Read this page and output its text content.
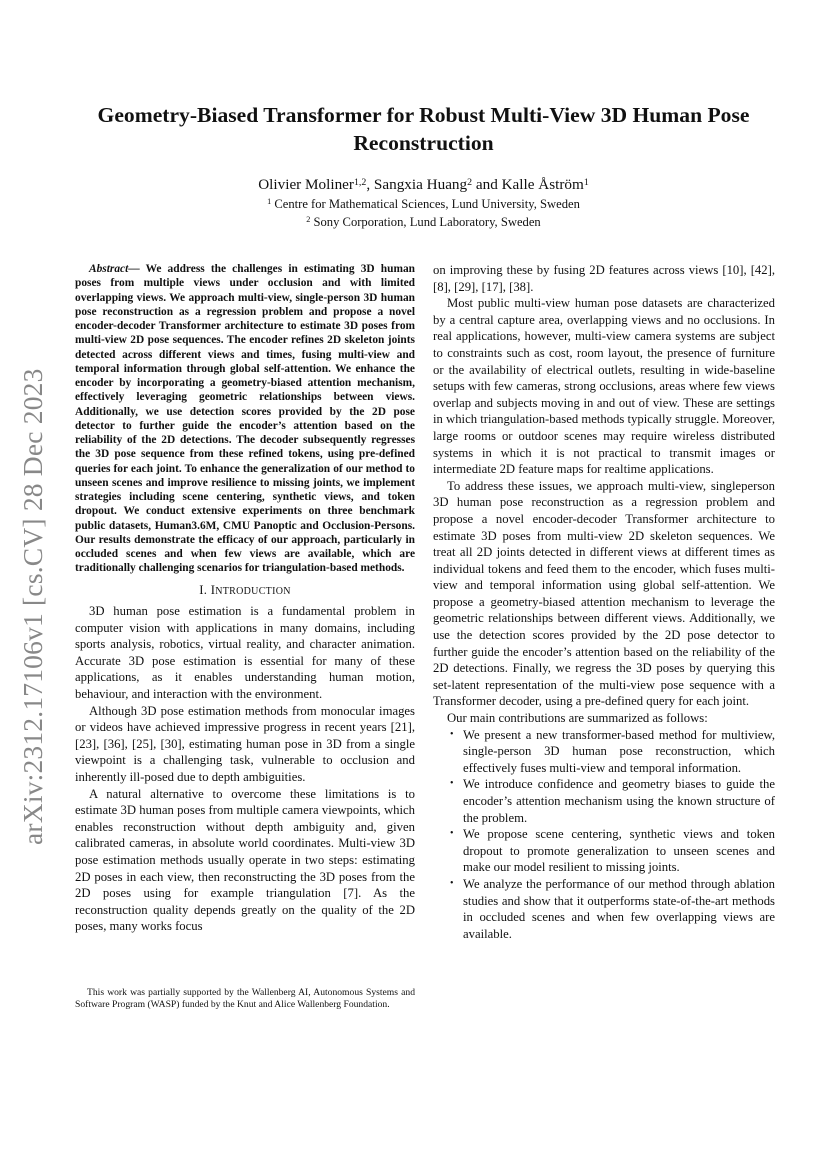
arXiv:2312.17106v1 [cs.CV] 28 Dec 2023
Geometry-Biased Transformer for Robust Multi-View 3D Human Pose Reconstruction
Olivier Moliner$^{1,2}$, Sangxia Huang$^2$ and Kalle Åström$^1$
$^1$ Centre for Mathematical Sciences, Lund University, Sweden
$^2$ Sony Corporation, Lund Laboratory, Sweden

Abstract— We address the challenges in estimating 3D human poses from multiple views under occlusion and with limited overlapping views. We approach multi-view, single-person 3D human pose reconstruction as a regression problem and propose a novel encoder-decoder Transformer architecture to estimate 3D poses from multi-view 2D pose sequences. The encoder refines 2D skeleton joints detected across different views and times, fusing multi-view and temporal information through global self-attention. We enhance the encoder by incorporating a geometry-biased attention mechanism, effectively leveraging geometric relationships between views. Additionally, we use detection scores provided by the 2D pose detector to further guide the encoder’s attention based on the reliability of the 2D detections. The decoder subsequently regresses the 3D pose sequence from these refined tokens, using pre-defined queries for each joint. To enhance the generalization of our method to unseen scenes and improve resilience to missing joints, we implement strategies including scene centering, synthetic views, and token dropout. We conduct extensive experiments on three benchmark public datasets, Human3.6M, CMU Panoptic and Occlusion-Persons. Our results demonstrate the efficacy of our approach, particularly in occluded scenes and when few views are available, which are traditionally challenging scenarios for triangulation-based methods.

I. INTRODUCTION

3D human pose estimation is a fundamental problem in computer vision with applications in many domains, including sports analysis, robotics, virtual reality, and character animation. Accurate 3D pose estimation is essential for many of these applications, as it enables understanding human motion, behaviour, and interaction with the environment.

Although 3D pose estimation methods from monocular images or videos have achieved impressive progress in recent years [21], [23], [36], [25], [30], estimating human pose in 3D from a single viewpoint is a challenging task, vulnerable to occlusion and inherently ill-posed due to depth ambiguities.

A natural alternative to overcome these limitations is to estimate 3D human poses from multiple camera viewpoints, which enables reconstruction without depth ambiguity and, given calibrated cameras, in absolute world coordinates. Multi-view 3D pose estimation methods usually operate in two steps: estimating 2D poses in each view, then reconstructing the 3D poses from the 2D poses using for example triangulation [7]. As the reconstruction quality depends greatly on the quality of the 2D poses, many works focus

This work was partially supported by the Wallenberg AI, Autonomous Systems and Software Program (WASP) funded by the Knut and Alice Wallenberg Foundation.

on improving these by fusing 2D features across views [10], [42], [8], [29], [17], [38].

Most public multi-view human pose datasets are characterized by a central capture area, overlapping views and no occlusions. In real applications, however, multi-view camera systems are subject to constraints such as cost, room layout, the presence of furniture or the availability of electrical outlets, resulting in wide-baseline setups with few cameras, strong occlusions, areas where few views overlap and subjects moving in and out of view. These are settings in which triangulation-based methods typically struggle. Moreover, large rooms or outdoor scenes may require wireless distributed systems in which it is not practical to transmit images or intermediate 2D feature maps for realtime applications.

To address these issues, we approach multi-view, singleperson 3D human pose reconstruction as a regression problem and propose a novel encoder-decoder Transformer architecture to estimate 3D poses from multi-view 2D skeleton sequences. We treat all 2D joints detected in different views at different times as individual tokens and feed them to the encoder, which fuses multi-view and temporal information using global self-attention. We propose a geometry-biased attention mechanism to leverage the geometric relationships between different views. Additionally, we use the detection scores provided by the 2D pose detector to further guide the encoder’s attention based on the reliability of the 2D detections. Finally, we regress the 3D poses by querying this set-latent representation of the multi-view pose sequence with a Transformer decoder, using a pre-defined query for each joint.

Our main contributions are summarized as follows:

• We present a new transformer-based method for multiview, single-person 3D human pose reconstruction, which effectively fuses multi-view and temporal information.
• We introduce confidence and geometry biases to guide the encoder’s attention mechanism using the known structure of the problem.
• We propose scene centering, synthetic views and token dropout to promote generalization to unseen scenes and make our model resilient to missing joints.
• We analyze the performance of our method through ablation studies and show that it outperforms state-of-the-art methods in occluded scenes and when few overlapping views are available.
